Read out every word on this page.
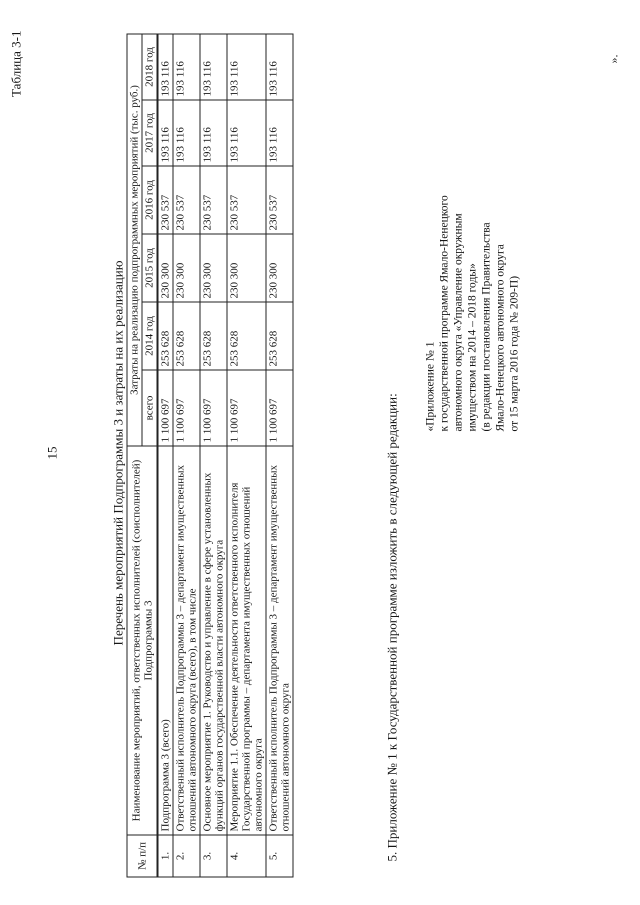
Таблица 3-1
15	Перечень мероприятий Подпрограммы 3 и затраты на их реализацию
№ п/п	Наименование мероприятий, ответственных исполнителей (соисполнителей) Подпрограммы 3	Затраты на реализацию подпрограммных мероприятий (тыс. руб.)					
		всего	2014 год	2015 год	2016 год	2017 год	2018 год

1.	Подпрограмма 3 (всего)	1 100 697	253 628	230 300	230 537	193 116	193 116
2.	Ответственный исполнитель Подпрограммы 3 – департамент имущественных отношений автономного округа (всего), в том числе	1 100 697	253 628	230 300	230 537	193 116	193 116
3.	Основное мероприятие 1. Руководство и управление в сфере установленных функций органов государственной власти автономного округа	1 100 697	253 628	230 300	230 537	193 116	193 116
4.	Мероприятие 1.1. Обеспечение деятельности ответственного исполнителя Государственной программы – департамента имущественных отношений автономного округа	1 100 697	253 628	230 300	230 537	193 116	193 116
5.	Ответственный исполнитель Подпрограммы 3 – департамент имущественных отношений автономного округа	1 100 697	253 628	230 300	230 537	193 116	193 116
5. Приложение № 1 к Государственной программе изложить в следующей редакции:
«Приложение № 1 к государственной программе Ямало-Ненецкого автономного округа «Управление окружным имуществом на 2014 – 2018 годы» (в редакции постановления Правительства Ямало-Ненецкого автономного округа от 15 марта 2016 года № 209-П)
».
